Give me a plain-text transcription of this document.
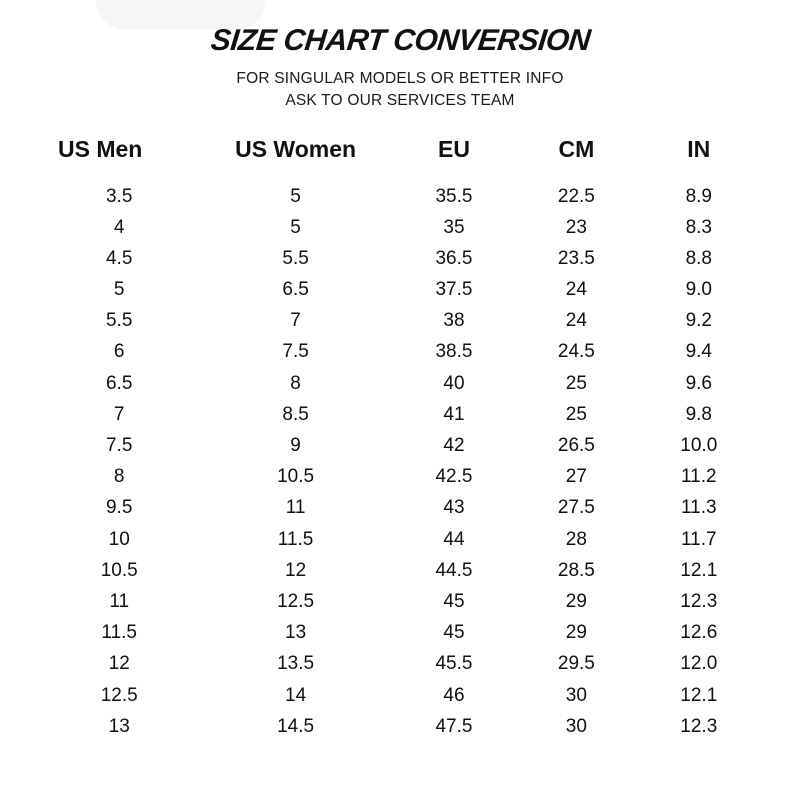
SIZE CHART CONVERSION
FOR SINGULAR MODELS OR BETTER INFO
ASK TO OUR SERVICES TEAM
US Men	US Women	EU	CM	IN
3.5	5	35.5	22.5	8.9
4	5	35	23	8.3
4.5	5.5	36.5	23.5	8.8
5	6.5	37.5	24	9.0
5.5	7	38	24	9.2
6	7.5	38.5	24.5	9.4
6.5	8	40	25	9.6
7	8.5	41	25	9.8
7.5	9	42	26.5	10.0
8	10.5	42.5	27	11.2
9.5	11	43	27.5	11.3
10	11.5	44	28	11.7
10.5	12	44.5	28.5	12.1
11	12.5	45	29	12.3
11.5	13	45	29	12.6
12	13.5	45.5	29.5	12.0
12.5	14	46	30	12.1
13	14.5	47.5	30	12.3
